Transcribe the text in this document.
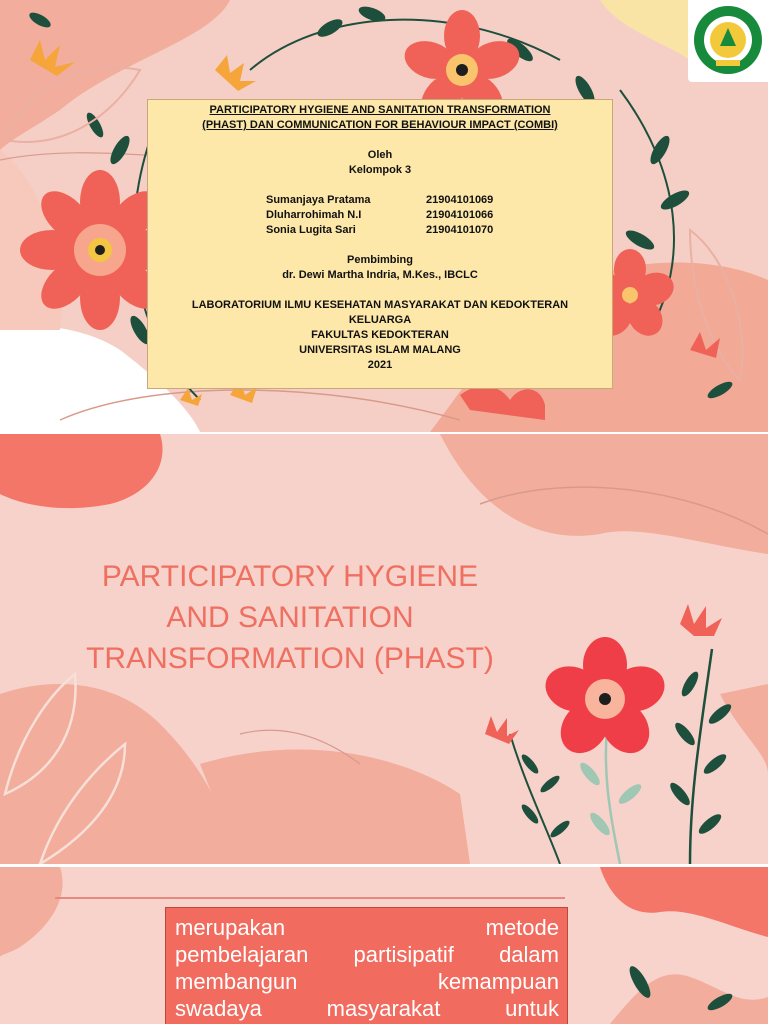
PARTICIPATORY HYGIENE AND SANITATION TRANSFORMATION
(PHAST) DAN COMMUNICATION FOR BEHAVIOUR IMPACT (COMBI)
Oleh
Kelompok 3
Sumanjaya Pratama	21904101069
Dluharrohimah N.I	21904101066
Sonia Lugita Sari	21904101070
Pembimbing
dr. Dewi Martha Indria, M.Kes., IBCLC
LABORATORIUM ILMU KESEHATAN MASYARAKAT DAN KEDOKTERAN
KELUARGA
FAKULTAS KEDOKTERAN
UNIVERSITAS ISLAM MALANG
2021
PARTICIPATORY HYGIENE
AND SANITATION
TRANSFORMATION (PHAST)
merupakan metode
pembelajaran partisipatif dalam
membangun kemampuan
swadaya masyarakat untuk
